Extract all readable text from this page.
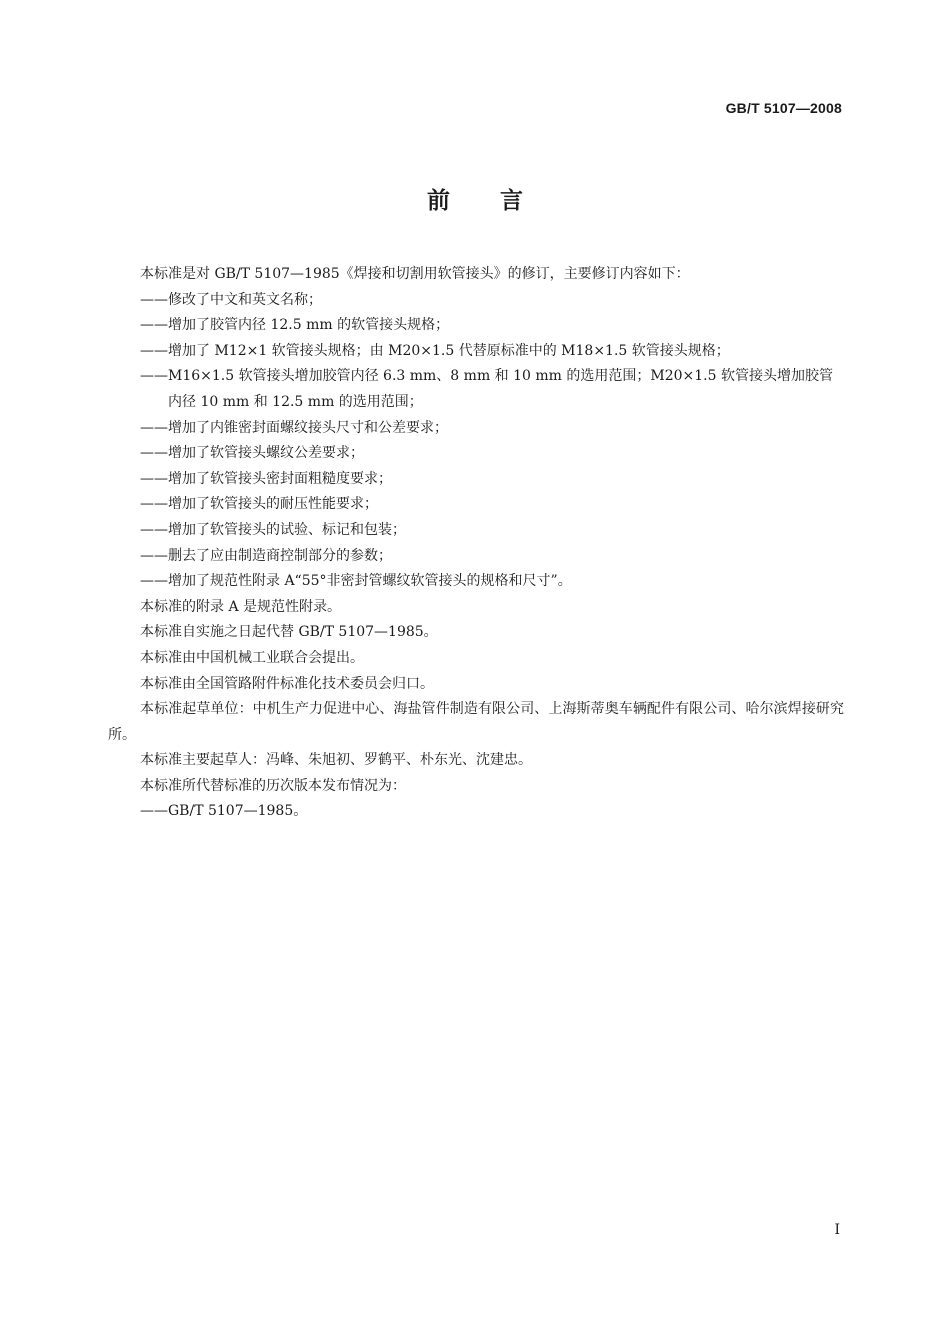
GB/T 5107—2008
前言

本标准是对 GB/T 5107—1985《焊接和切割用软管接头》的修订，主要修订内容如下：

——修改了中文和英文名称；

——增加了胶管内径 12.5 mm 的软管接头规格；

——增加了 M12×1 软管接头规格；由 M20×1.5 代替原标准中的 M18×1.5 软管接头规格；

——M16×1.5 软管接头增加胶管内径 6.3 mm、8 mm 和 10 mm 的选用范围；M20×1.5 软管接头增加胶管内径 10 mm 和 12.5 mm 的选用范围；

——增加了内锥密封面螺纹接头尺寸和公差要求；

——增加了软管接头螺纹公差要求；

——增加了软管接头密封面粗糙度要求；

——增加了软管接头的耐压性能要求；

——增加了软管接头的试验、标记和包装；

——删去了应由制造商控制部分的参数；

——增加了规范性附录 A“55°非密封管螺纹软管接头的规格和尺寸”。

本标准的附录 A 是规范性附录。

本标准自实施之日起代替 GB/T 5107—1985。

本标准由中国机械工业联合会提出。

本标准由全国管路附件标准化技术委员会归口。

本标准起草单位：中机生产力促进中心、海盐管件制造有限公司、上海斯蒂奥车辆配件有限公司、哈尔滨焊接研究所。

本标准主要起草人：冯峰、朱旭初、罗鹤平、朴东光、沈建忠。

本标准所代替标准的历次版本发布情况为：

——GB/T 5107—1985。

I
